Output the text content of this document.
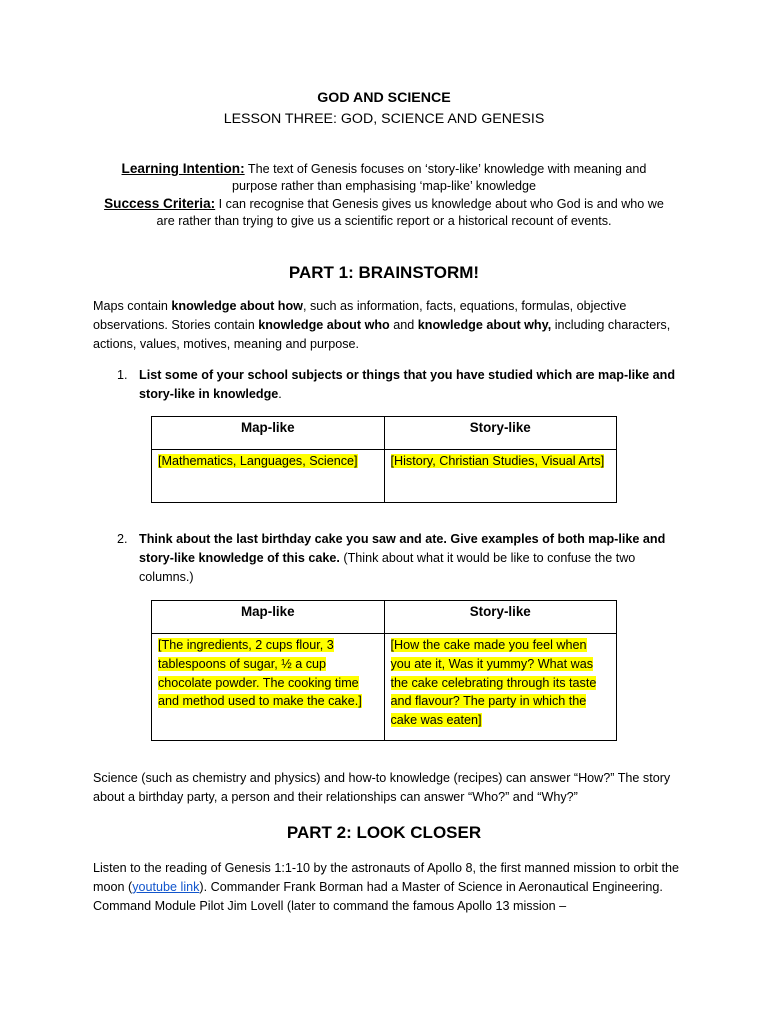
GOD AND SCIENCE
LESSON THREE: GOD, SCIENCE AND GENESIS
Learning Intention: The text of Genesis focuses on ‘story-like’ knowledge with meaning and purpose rather than emphasising ‘map-like’ knowledge
Success Criteria: I can recognise that Genesis gives us knowledge about who God is and who we are rather than trying to give us a scientific report or a historical recount of events.
PART 1: BRAINSTORM!
Maps contain knowledge about how, such as information, facts, equations, formulas, objective observations. Stories contain knowledge about who and knowledge about why, including characters, actions, values, motives, meaning and purpose.
1. List some of your school subjects or things that you have studied which are map-like and story-like in knowledge.
Map-like	Story-like
[Mathematics, Languages, Science]	[History, Christian Studies, Visual Arts]
2. Think about the last birthday cake you saw and ate. Give examples of both map-like and story-like knowledge of this cake. (Think about what it would be like to confuse the two columns.)
Map-like	Story-like
[The ingredients, 2 cups flour, 3 tablespoons of sugar, ½ a cup chocolate powder. The cooking time and method used to make the cake.]	[How the cake made you feel when you ate it, Was it yummy? What was the cake celebrating through its taste and flavour? The party in which the cake was eaten]
Science (such as chemistry and physics) and how-to knowledge (recipes) can answer “How?” The story about a birthday party, a person and their relationships can answer “Who?” and “Why?”
PART 2: LOOK CLOSER
Listen to the reading of Genesis 1:1-10 by the astronauts of Apollo 8, the first manned mission to orbit the moon (youtube link). Commander Frank Borman had a Master of Science in Aeronautical Engineering. Command Module Pilot Jim Lovell (later to command the famous Apollo 13 mission –
